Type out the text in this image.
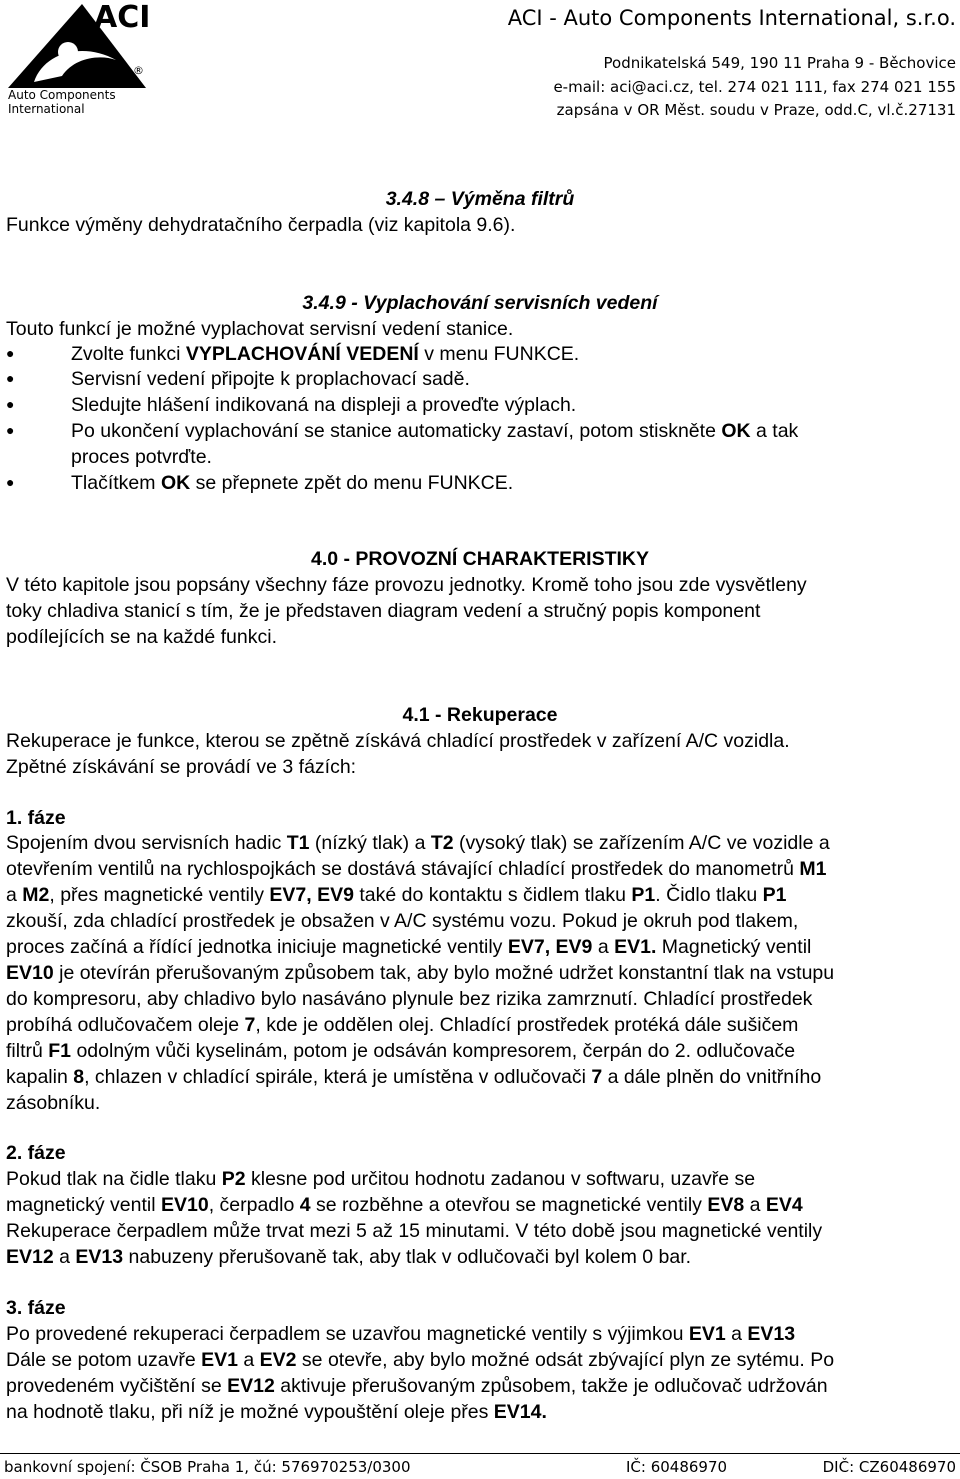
ACI
®
Auto Components
International
ACI - Auto Components International, s.r.o.
Podnikatelská 549, 190 11 Praha 9 - Běchovice
e-mail: aci@aci.cz, tel. 274 021 111, fax 274 021 155
zapsána v OR Měst. soudu v Praze, odd.C, vl.č.27131
3.4.8 – Výměna filtrů
Funkce výměny dehydratačního čerpadla (viz kapitola 9.6).
3.4.9 - Vyplachování servisních vedení
Touto funkcí je možné vyplachovat servisní vedení stanice.
●	Zvolte funkci VYPLACHOVÁNÍ VEDENÍ v menu FUNKCE.
●	Servisní vedení připojte k proplachovací sadě.
●	Sledujte hlášení indikovaná na displeji a proveďte výplach.
●	Po ukončení vyplachování se stanice automaticky zastaví, potom stiskněte OK a tak
proces potvrďte.
●	Tlačítkem OK se přepnete zpět do menu FUNKCE.
4.0 - PROVOZNÍ CHARAKTERISTIKY
V této kapitole jsou popsány všechny fáze provozu jednotky. Kromě toho jsou zde vysvětleny
toky chladiva stanicí s tím, že je představen diagram vedení a stručný popis komponent
podílejících se na každé funkci.
4.1 - Rekuperace
Rekuperace je funkce, kterou se zpětně získává chladící prostředek v zařízení A/C vozidla.
Zpětné získávání se provádí ve 3 fázích:
1. fáze
Spojením dvou servisních hadic T1 (nízký tlak) a T2 (vysoký tlak) se zařízením A/C ve vozidle a
otevřením ventilů na rychlospojkách se dostává stávající chladící prostředek do manometrů M1
a M2, přes magnetické ventily EV7, EV9 také do kontaktu s čidlem tlaku P1. Čidlo tlaku P1
zkouší, zda chladící prostředek je obsažen v A/C systému vozu. Pokud je okruh pod tlakem,
proces začíná a řídící jednotka iniciuje magnetické ventily EV7, EV9 a EV1. Magnetický ventil
EV10 je otevírán přerušovaným způsobem tak, aby bylo možné udržet konstantní tlak na vstupu
do kompresoru, aby chladivo bylo nasáváno plynule bez rizika zamrznutí. Chladící prostředek
probíhá odlučovačem oleje 7, kde je oddělen olej. Chladící prostředek protéká dále sušičem
filtrů F1 odolným vůči kyselinám, potom je odsáván kompresorem, čerpán do 2. odlučovače
kapalin 8, chlazen v chladící spirále, která je umístěna v odlučovači 7 a dále plněn do vnitřního
zásobníku.
2. fáze
Pokud tlak na čidle tlaku P2 klesne pod určitou hodnotu zadanou v softwaru, uzavře se
magnetický ventil EV10, čerpadlo 4 se rozběhne a otevřou se magnetické ventily EV8 a EV4
Rekuperace čerpadlem může trvat mezi 5 až 15 minutami. V této době jsou magnetické ventily
EV12 a EV13 nabuzeny přerušovaně tak, aby tlak v odlučovači byl kolem 0 bar.
3. fáze
Po provedené rekuperaci čerpadlem se uzavřou magnetické ventily s výjimkou EV1 a EV13
Dále se potom uzavře EV1 a EV2 se otevře, aby bylo možné odsát zbývající plyn ze sytému. Po
provedeném vyčištění se EV12 aktivuje přerušovaným způsobem, takže je odlučovač udržován
na hodnotě tlaku, při níž je možné vypouštění oleje přes EV14.
bankovní spojení: ČSOB Praha 1, čú: 576970253/0300	IČ: 60486970	DIČ: CZ60486970
